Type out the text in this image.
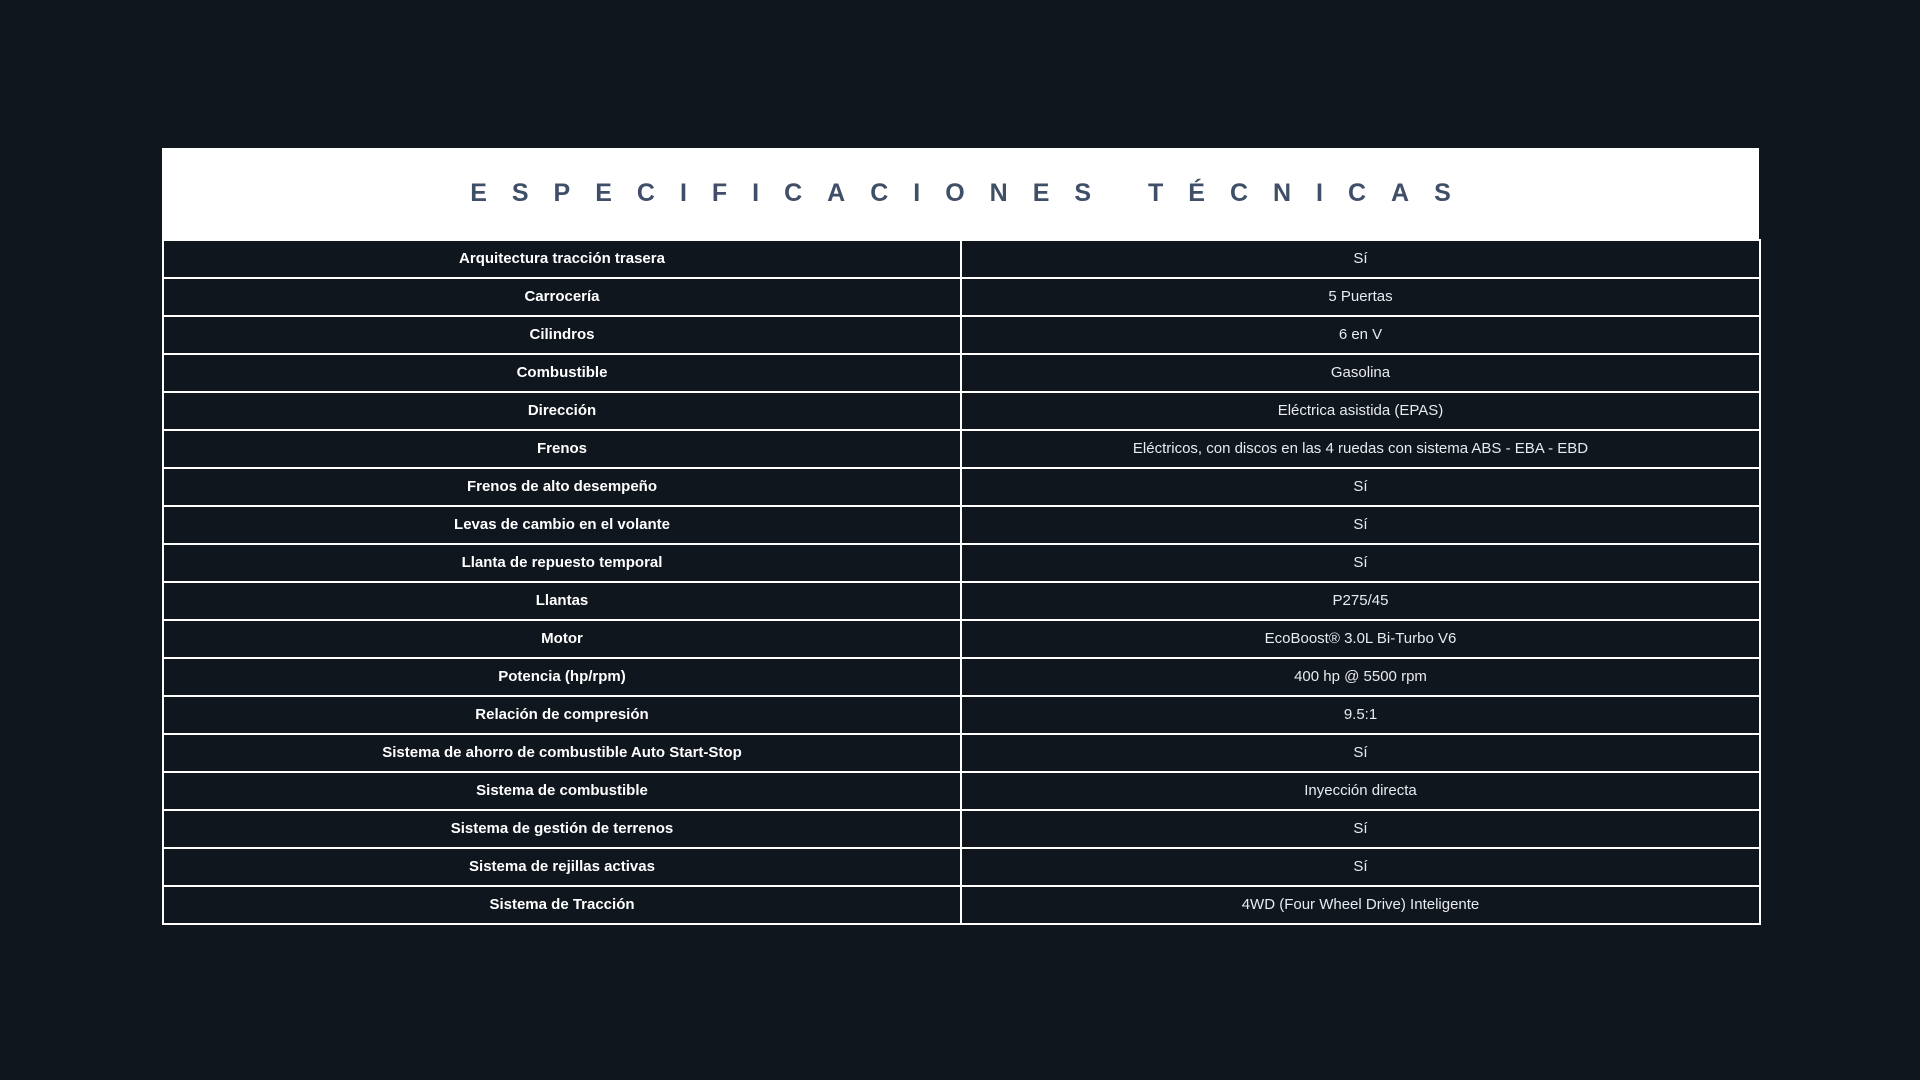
ESPECIFICACIONES TÉCNICAS
Arquitectura tracción trasera	Sí
Carrocería	5 Puertas
Cilindros	6 en V
Combustible	Gasolina
Dirección	Eléctrica asistida (EPAS)
Frenos	Eléctricos, con discos en las 4 ruedas con sistema ABS - EBA - EBD
Frenos de alto desempeño	Sí
Levas de cambio en el volante	Sí
Llanta de repuesto temporal	Sí
Llantas	P275/45
Motor	EcoBoost® 3.0L Bi-Turbo V6
Potencia (hp/rpm)	400 hp @ 5500 rpm
Relación de compresión	9.5:1
Sistema de ahorro de combustible Auto Start-Stop	Sí
Sistema de combustible	Inyección directa
Sistema de gestión de terrenos	Sí
Sistema de rejillas activas	Sí
Sistema de Tracción	4WD (Four Wheel Drive) Inteligente
